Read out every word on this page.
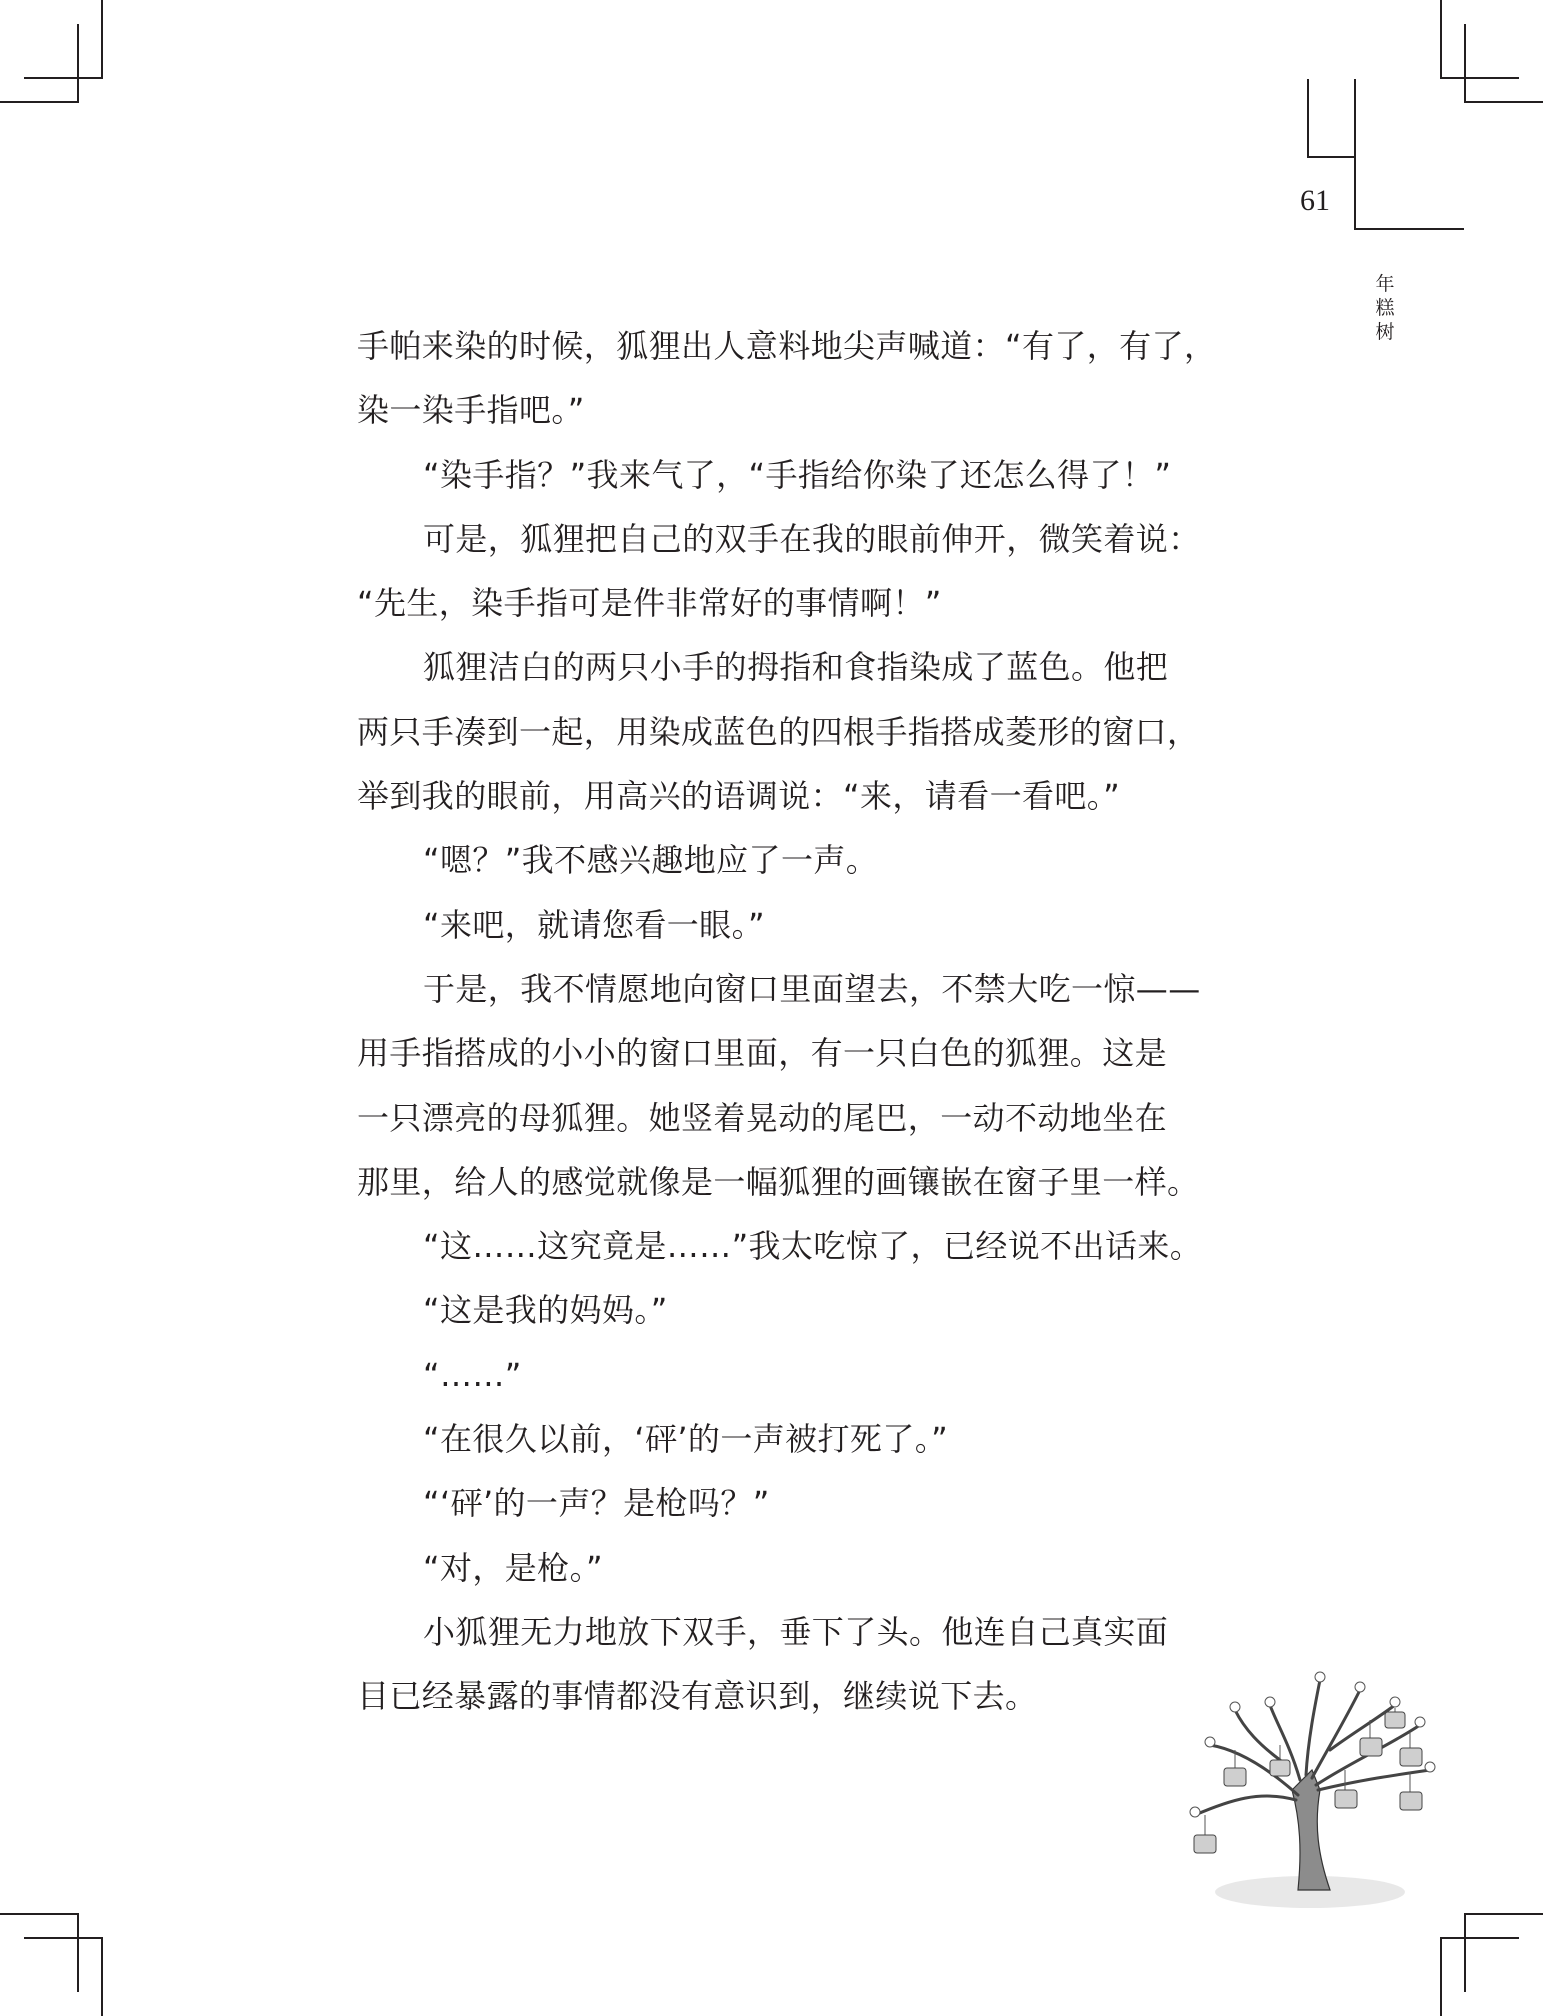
61
年糕树
手帕来染的时候，狐狸出人意料地尖声喊道：“有了，有了，
染一染手指吧。”
“染手指？”我来气了，“手指给你染了还怎么得了！”
可是，狐狸把自己的双手在我的眼前伸开，微笑着说：
“先生，染手指可是件非常好的事情啊！”
狐狸洁白的两只小手的拇指和食指染成了蓝色。他把
两只手凑到一起，用染成蓝色的四根手指搭成菱形的窗口，
举到我的眼前，用高兴的语调说：“来，请看一看吧。”
“嗯？”我不感兴趣地应了一声。
“来吧，就请您看一眼。”
于是，我不情愿地向窗口里面望去，不禁大吃一惊——
用手指搭成的小小的窗口里面，有一只白色的狐狸。这是
一只漂亮的母狐狸。她竖着晃动的尾巴，一动不动地坐在
那里，给人的感觉就像是一幅狐狸的画镶嵌在窗子里一样。
“这……这究竟是……”我太吃惊了，已经说不出话来。
“这是我的妈妈。”
“……”
“在很久以前，‘砰’的一声被打死了。”
“‘砰’的一声？是枪吗？”
“对，是枪。”
小狐狸无力地放下双手，垂下了头。他连自己真实面
目已经暴露的事情都没有意识到，继续说下去。
